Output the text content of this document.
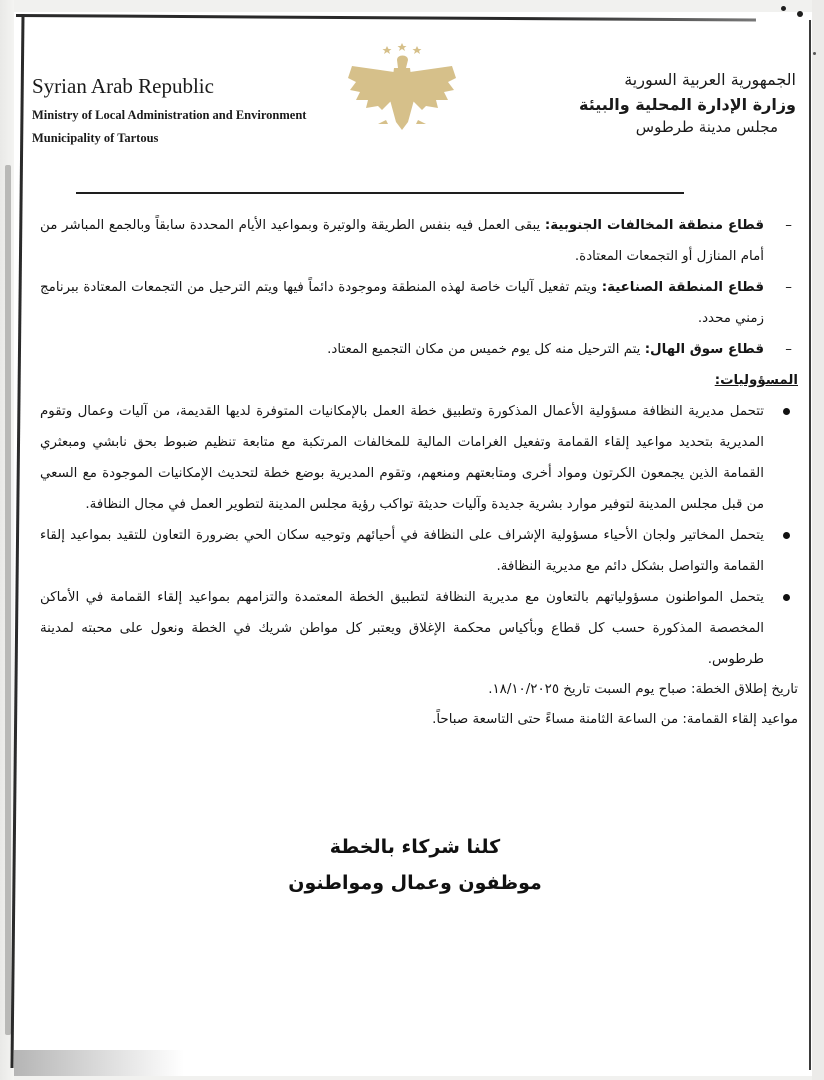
Syrian Arab Republic

Ministry of Local Administration and Environment

Municipality of Tartous

الجمهورية العربية السورية

وزارة الإدارة المحلية والبيئة

مجلس مدينة طرطوس

–
قطاع منطقة المخالفات الجنوبية: يبقى العمل فيه بنفس الطريقة والوتيرة وبمواعيد الأيام المحددة سابقاً وبالجمع المباشر من أمام المنازل أو التجمعات المعتادة.

–
قطاع المنطقة الصناعية: ويتم تفعيل آليات خاصة لهذه المنطقة وموجودة دائماً فيها ويتم الترحيل من التجمعات المعتادة ببرنامج زمني محدد.

–
قطاع سوق الهال: يتم الترحيل منه كل يوم خميس من مكان التجميع المعتاد.

المسؤوليات:

تتحمل مديرية النظافة مسؤولية الأعمال المذكورة وتطبيق خطة العمل بالإمكانيات المتوفرة لديها القديمة، من آليات وعمال وتقوم المديرية بتحديد مواعيد إلقاء القمامة وتفعيل الغرامات المالية للمخالفات المرتكبة مع متابعة تنظيم ضبوط بحق نابشي ومبعثري القمامة الذين يجمعون الكرتون ومواد أخرى ومتابعتهم ومنعهم، وتقوم المديرية بوضع خطة لتحديث الإمكانيات الموجودة مع السعي من قبل مجلس المدينة لتوفير موارد بشرية جديدة وآليات حديثة تواكب رؤية مجلس المدينة لتطوير العمل في مجال النظافة.

يتحمل المخاتير ولجان الأحياء مسؤولية الإشراف على النظافة في أحيائهم وتوجيه سكان الحي بضرورة التعاون للتقيد بمواعيد إلقاء القمامة والتواصل بشكل دائم مع مديرية النظافة.

يتحمل المواطنون مسؤولياتهم بالتعاون مع مديرية النظافة لتطبيق الخطة المعتمدة والتزامهم بمواعيد إلقاء القمامة في الأماكن المخصصة المذكورة حسب كل قطاع وبأكياس محكمة الإغلاق ويعتبر كل مواطن شريك في الخطة ونعول على محبته لمدينة طرطوس.

تاريخ إطلاق الخطة: صباح يوم السبت تاريخ ١٨/١٠/٢٠٢٥.

مواعيد إلقاء القمامة: من الساعة الثامنة مساءً حتى التاسعة صباحاً.

كلنا شركاء بالخطة

موظفون وعمال ومواطنون
